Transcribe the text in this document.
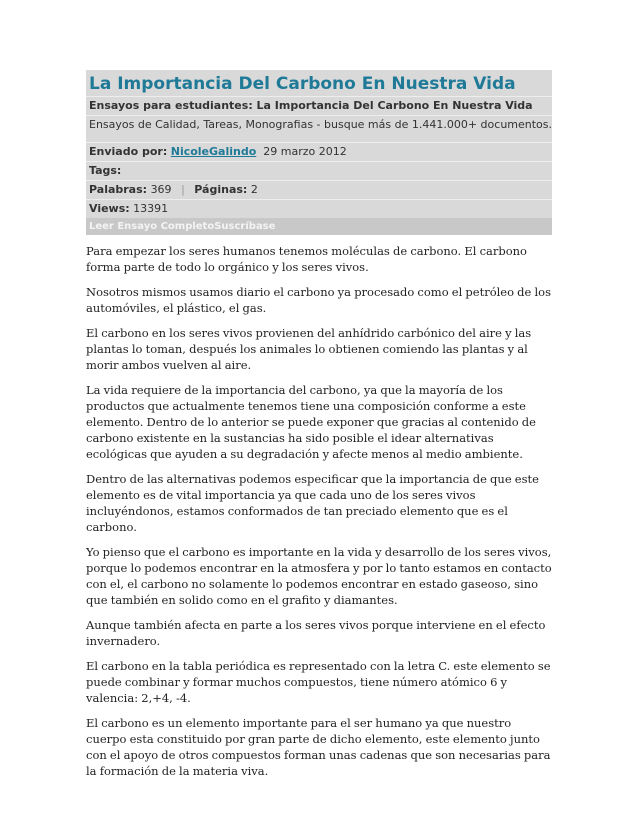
La Importancia Del Carbono En Nuestra Vida
Ensayos para estudiantes: La Importancia Del Carbono En Nuestra Vida
Ensayos de Calidad, Tareas, Monografias - busque más de 1.441.000+ documentos.
Enviado por: NicoleGalindo 29 marzo 2012
Tags:
Palabras: 369 | Páginas: 2
Views: 13391
Leer Ensayo CompletoSuscríbase

Para empezar los seres humanos tenemos moléculas de carbono. El carbono forma parte de todo lo orgánico y los seres vivos.

Nosotros mismos usamos diario el carbono ya procesado como el petróleo de los automóviles, el plástico, el gas.

El carbono en los seres vivos provienen del anhídrido carbónico del aire y las plantas lo toman, después los animales lo obtienen comiendo las plantas y al morir ambos vuelven al aire.

La vida requiere de la importancia del carbono, ya que la mayoría de los productos que actualmente tenemos tiene una composición conforme a este elemento. Dentro de lo anterior se puede exponer que gracias al contenido de carbono existente en la sustancias ha sido posible el idear alternativas ecológicas que ayuden a su degradación y afecte menos al medio ambiente.

Dentro de las alternativas podemos especificar que la importancia de que este elemento es de vital importancia ya que cada uno de los seres vivos incluyéndonos, estamos conformados de tan preciado elemento que es el carbono.

Yo pienso que el carbono es importante en la vida y desarrollo de los seres vivos, porque lo podemos encontrar en la atmosfera y por lo tanto estamos en contacto con el, el carbono no solamente lo podemos encontrar en estado gaseoso, sino que también en solido como en el grafito y diamantes.

Aunque también afecta en parte a los seres vivos porque interviene en el efecto invernadero.

El carbono en la tabla periódica es representado con la letra C. este elemento se puede combinar y formar muchos compuestos, tiene número atómico 6 y valencia: 2,+4, -4.

El carbono es un elemento importante para el ser humano ya que nuestro cuerpo esta constituido por gran parte de dicho elemento, este elemento junto con el apoyo de otros compuestos forman unas cadenas que son necesarias para la formación de la materia viva.
